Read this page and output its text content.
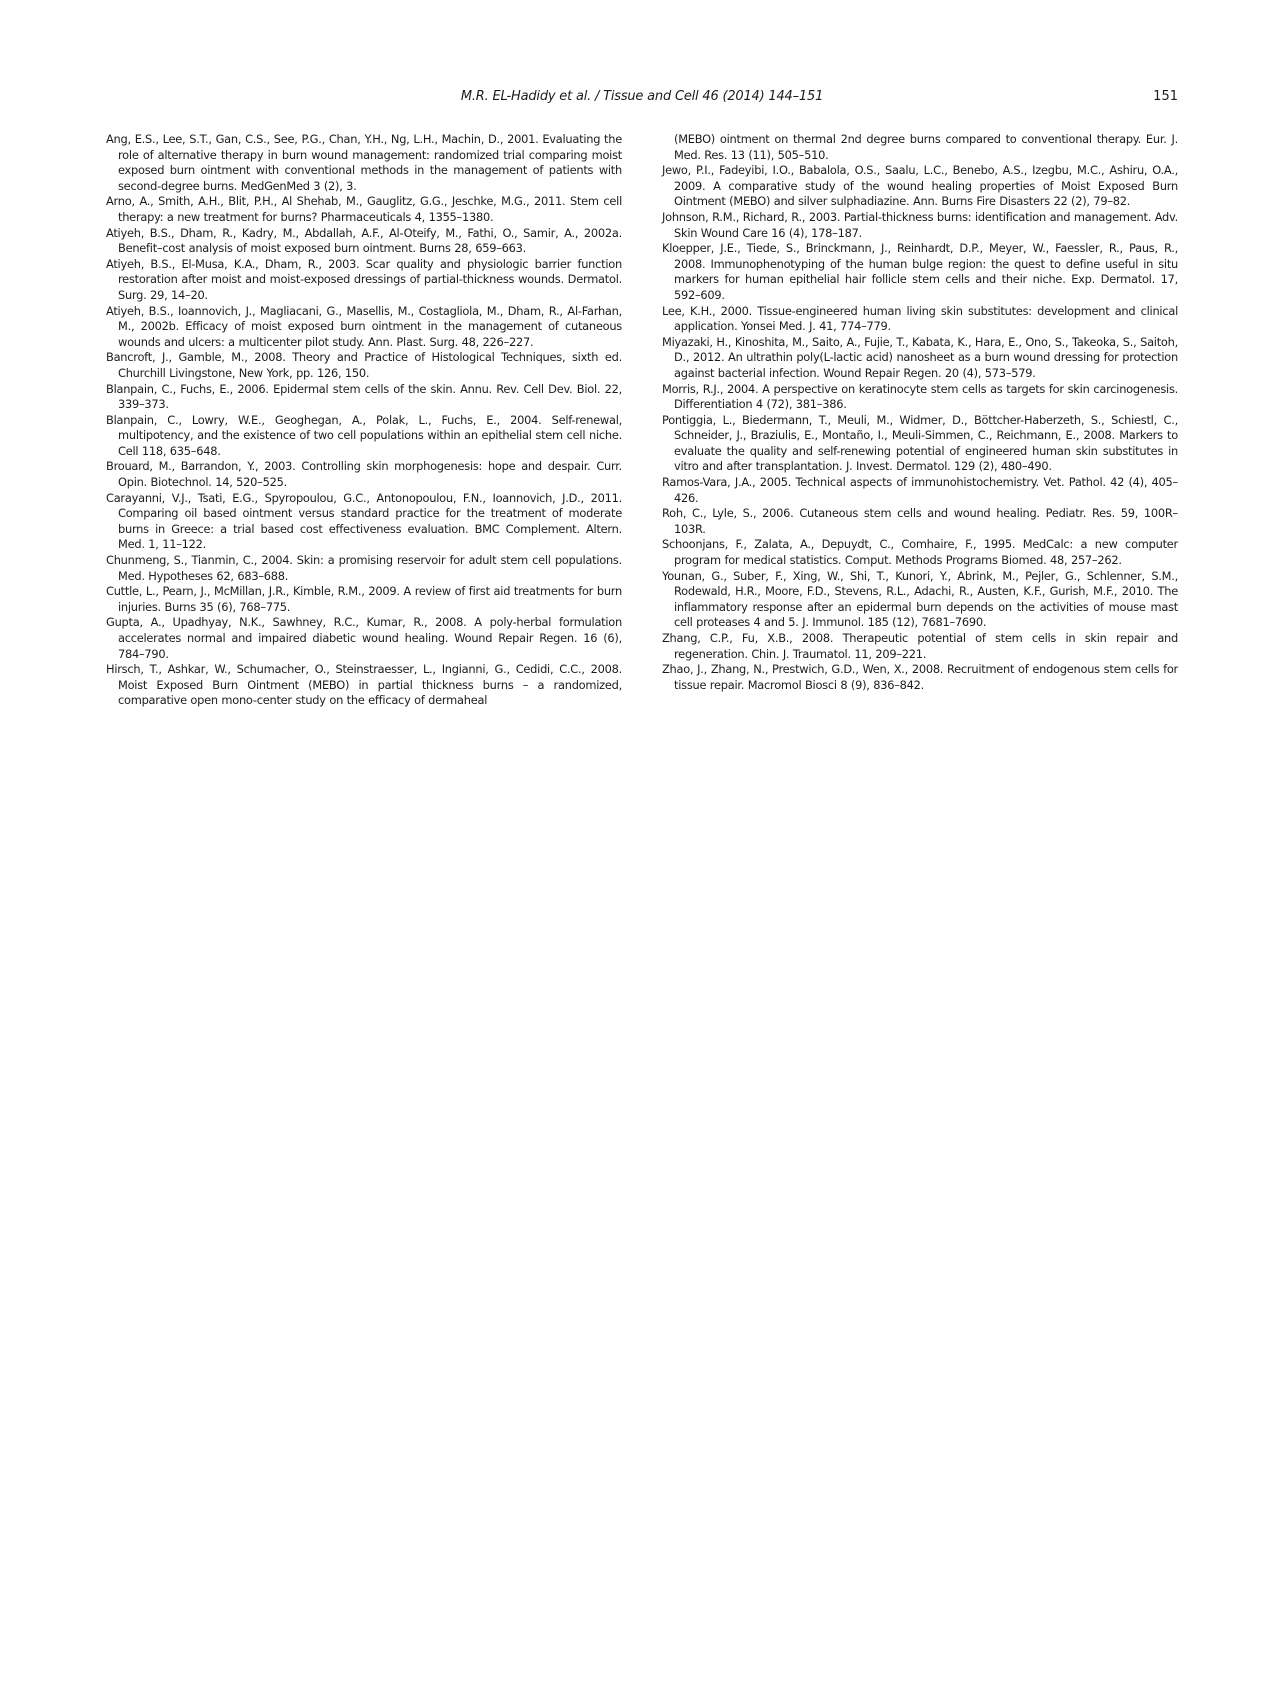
M.R. EL-Hadidy et al. / Tissue and Cell 46 (2014) 144–151	151

Ang, E.S., Lee, S.T., Gan, C.S., See, P.G., Chan, Y.H., Ng, L.H., Machin, D., 2001. Evaluating the role of alternative therapy in burn wound management: randomized trial comparing moist exposed burn ointment with conventional methods in the management of patients with second-degree burns. MedGenMed 3 (2), 3.

Arno, A., Smith, A.H., Blit, P.H., Al Shehab, M., Gauglitz, G.G., Jeschke, M.G., 2011. Stem cell therapy: a new treatment for burns? Pharmaceuticals 4, 1355–1380.

Atiyeh, B.S., Dham, R., Kadry, M., Abdallah, A.F., Al-Oteify, M., Fathi, O., Samir, A., 2002a. Benefit–cost analysis of moist exposed burn ointment. Burns 28, 659–663.

Atiyeh, B.S., El-Musa, K.A., Dham, R., 2003. Scar quality and physiologic barrier function restoration after moist and moist-exposed dressings of partial-thickness wounds. Dermatol. Surg. 29, 14–20.

Atiyeh, B.S., Ioannovich, J., Magliacani, G., Masellis, M., Costagliola, M., Dham, R., Al-Farhan, M., 2002b. Efficacy of moist exposed burn ointment in the management of cutaneous wounds and ulcers: a multicenter pilot study. Ann. Plast. Surg. 48, 226–227.

Bancroft, J., Gamble, M., 2008. Theory and Practice of Histological Techniques, sixth ed. Churchill Livingstone, New York, pp. 126, 150.

Blanpain, C., Fuchs, E., 2006. Epidermal stem cells of the skin. Annu. Rev. Cell Dev. Biol. 22, 339–373.

Blanpain, C., Lowry, W.E., Geoghegan, A., Polak, L., Fuchs, E., 2004. Self-renewal, multipotency, and the existence of two cell populations within an epithelial stem cell niche. Cell 118, 635–648.

Brouard, M., Barrandon, Y., 2003. Controlling skin morphogenesis: hope and despair. Curr. Opin. Biotechnol. 14, 520–525.

Carayanni, V.J., Tsati, E.G., Spyropoulou, G.C., Antonopoulou, F.N., Ioannovich, J.D., 2011. Comparing oil based ointment versus standard practice for the treatment of moderate burns in Greece: a trial based cost effectiveness evaluation. BMC Complement. Altern. Med. 1, 11–122.

Chunmeng, S., Tianmin, C., 2004. Skin: a promising reservoir for adult stem cell populations. Med. Hypotheses 62, 683–688.

Cuttle, L., Pearn, J., McMillan, J.R., Kimble, R.M., 2009. A review of first aid treatments for burn injuries. Burns 35 (6), 768–775.

Gupta, A., Upadhyay, N.K., Sawhney, R.C., Kumar, R., 2008. A poly-herbal formulation accelerates normal and impaired diabetic wound healing. Wound Repair Regen. 16 (6), 784–790.

Hirsch, T., Ashkar, W., Schumacher, O., Steinstraesser, L., Ingianni, G., Cedidi, C.C., 2008. Moist Exposed Burn Ointment (MEBO) in partial thickness burns – a randomized, comparative open mono-center study on the efficacy of dermaheal

(MEBO) ointment on thermal 2nd degree burns compared to conventional therapy. Eur. J. Med. Res. 13 (11), 505–510.

Jewo, P.I., Fadeyibi, I.O., Babalola, O.S., Saalu, L.C., Benebo, A.S., Izegbu, M.C., Ashiru, O.A., 2009. A comparative study of the wound healing properties of Moist Exposed Burn Ointment (MEBO) and silver sulphadiazine. Ann. Burns Fire Disasters 22 (2), 79–82.

Johnson, R.M., Richard, R., 2003. Partial-thickness burns: identification and management. Adv. Skin Wound Care 16 (4), 178–187.

Kloepper, J.E., Tiede, S., Brinckmann, J., Reinhardt, D.P., Meyer, W., Faessler, R., Paus, R., 2008. Immunophenotyping of the human bulge region: the quest to define useful in situ markers for human epithelial hair follicle stem cells and their niche. Exp. Dermatol. 17, 592–609.

Lee, K.H., 2000. Tissue-engineered human living skin substitutes: development and clinical application. Yonsei Med. J. 41, 774–779.

Miyazaki, H., Kinoshita, M., Saito, A., Fujie, T., Kabata, K., Hara, E., Ono, S., Takeoka, S., Saitoh, D., 2012. An ultrathin poly(L-lactic acid) nanosheet as a burn wound dressing for protection against bacterial infection. Wound Repair Regen. 20 (4), 573–579.

Morris, R.J., 2004. A perspective on keratinocyte stem cells as targets for skin carcinogenesis. Differentiation 4 (72), 381–386.

Pontiggia, L., Biedermann, T., Meuli, M., Widmer, D., Böttcher-Haberzeth, S., Schiestl, C., Schneider, J., Braziulis, E., Montaño, I., Meuli-Simmen, C., Reichmann, E., 2008. Markers to evaluate the quality and self-renewing potential of engineered human skin substitutes in vitro and after transplantation. J. Invest. Dermatol. 129 (2), 480–490.

Ramos-Vara, J.A., 2005. Technical aspects of immunohistochemistry. Vet. Pathol. 42 (4), 405–426.

Roh, C., Lyle, S., 2006. Cutaneous stem cells and wound healing. Pediatr. Res. 59, 100R–103R.

Schoonjans, F., Zalata, A., Depuydt, C., Comhaire, F., 1995. MedCalc: a new computer program for medical statistics. Comput. Methods Programs Biomed. 48, 257–262.

Younan, G., Suber, F., Xing, W., Shi, T., Kunori, Y., Abrink, M., Pejler, G., Schlenner, S.M., Rodewald, H.R., Moore, F.D., Stevens, R.L., Adachi, R., Austen, K.F., Gurish, M.F., 2010. The inflammatory response after an epidermal burn depends on the activities of mouse mast cell proteases 4 and 5. J. Immunol. 185 (12), 7681–7690.

Zhang, C.P., Fu, X.B., 2008. Therapeutic potential of stem cells in skin repair and regeneration. Chin. J. Traumatol. 11, 209–221.

Zhao, J., Zhang, N., Prestwich, G.D., Wen, X., 2008. Recruitment of endogenous stem cells for tissue repair. Macromol Biosci 8 (9), 836–842.
